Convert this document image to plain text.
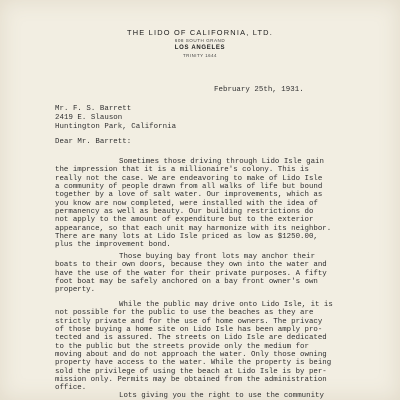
THE LIDO OF CALIFORNIA, LTD.
608 SOUTH GRAND
LOS ANGELES
TRINITY 1644
February 25th, 1931.
Mr. F. S. Barrett
2419 E. Slauson
Huntington Park, California
Dear Mr. Barrett:
Sometimes those driving through Lido Isle gain
the impression that it is a millionaire's colony. This is
really not the case. We are endeavoring to make of Lido Isle
a community of people drawn from all walks of life but bound
together by a love of salt water. Our improvements, which as
you know are now completed, were installed with the idea of
permanency as well as beauty. Our building restrictions do
not apply to the amount of expenditure but to the exterior
appearance, so that each unit may harmonize with its neighbor.
There are many lots at Lido Isle priced as low as $1250.00,
plus the improvement bond.
Those buying bay front lots may anchor their
boats to their own doors, because they own into the water and
have the use of the water for their private purposes. A fifty
foot boat may be safely anchored on a bay front owner's own
property.
While the public may drive onto Lido Isle, it is
not possible for the public to use the beaches as they are
strictly private and for the use of home owners. The privacy
of those buying a home site on Lido Isle has been amply pro-
tected and is assured. The streets on Lido Isle are dedicated
to the public but the streets provide only the medium for
moving about and do not approach the water. Only those owning
property have access to the water. While the property is being
sold the privilege of using the beach at Lido Isle is by per-
mission only. Permits may be obtained from the administration
office.
Lots giving you the right to use the community
